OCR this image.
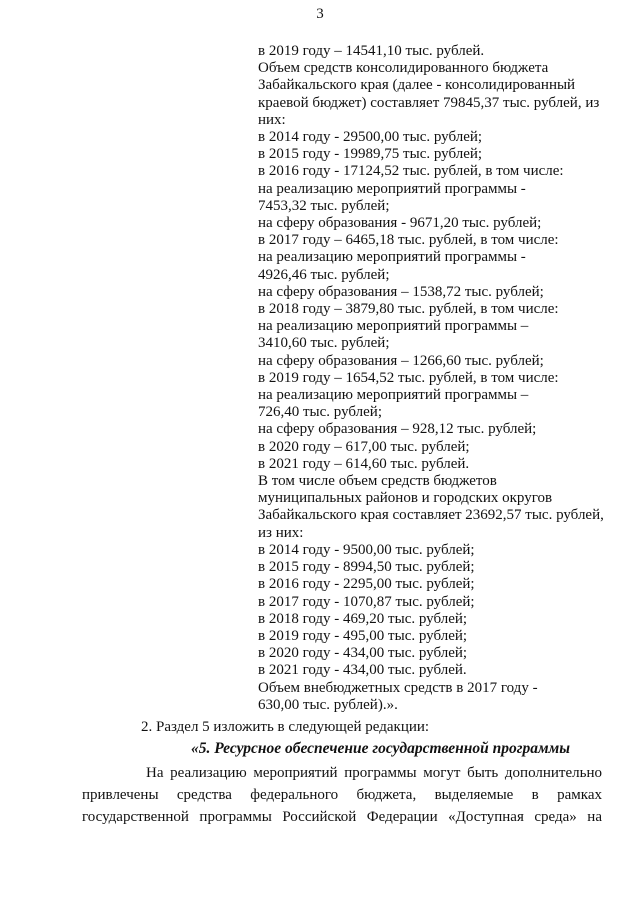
3
в 2019 году – 14541,10 тыс. рублей.
Объем средств консолидированного бюджета
Забайкальского края (далее - консолидированный
краевой бюджет) составляет 79845,37 тыс. рублей, из
них:
в 2014 году - 29500,00 тыс. рублей;
в 2015 году - 19989,75 тыс. рублей;
в 2016 году - 17124,52 тыс. рублей, в том числе:
на реализацию мероприятий программы -
7453,32 тыс. рублей;
на сферу образования - 9671,20 тыс. рублей;
в 2017 году – 6465,18 тыс. рублей, в том числе:
на реализацию мероприятий программы -
4926,46 тыс. рублей;
на сферу образования – 1538,72 тыс. рублей;
в 2018 году – 3879,80 тыс. рублей, в том числе:
на реализацию мероприятий программы –
3410,60 тыс. рублей;
на сферу образования – 1266,60 тыс. рублей;
в 2019 году – 1654,52 тыс. рублей, в том числе:
на реализацию мероприятий программы –
726,40 тыс. рублей;
на сферу образования – 928,12 тыс. рублей;
в 2020 году – 617,00 тыс. рублей;
в 2021 году – 614,60 тыс. рублей.
В том числе объем средств бюджетов
муниципальных районов и городских округов
Забайкальского края составляет 23692,57 тыс. рублей,
из них:
в 2014 году - 9500,00 тыс. рублей;
в 2015 году - 8994,50 тыс. рублей;
в 2016 году - 2295,00 тыс. рублей;
в 2017 году - 1070,87 тыс. рублей;
в 2018 году - 469,20 тыс. рублей;
в 2019 году - 495,00 тыс. рублей;
в 2020 году - 434,00 тыс. рублей;
в 2021 году - 434,00 тыс. рублей.
Объем внебюджетных средств в 2017 году -
630,00 тыс. рублей).».
2. Раздел 5 изложить в следующей редакции:
«5. Ресурсное обеспечение государственной программы
На реализацию мероприятий программы могут быть дополнительно
привлечены средства федерального бюджета, выделяемые в рамках
государственной программы Российской Федерации «Доступная среда» на
